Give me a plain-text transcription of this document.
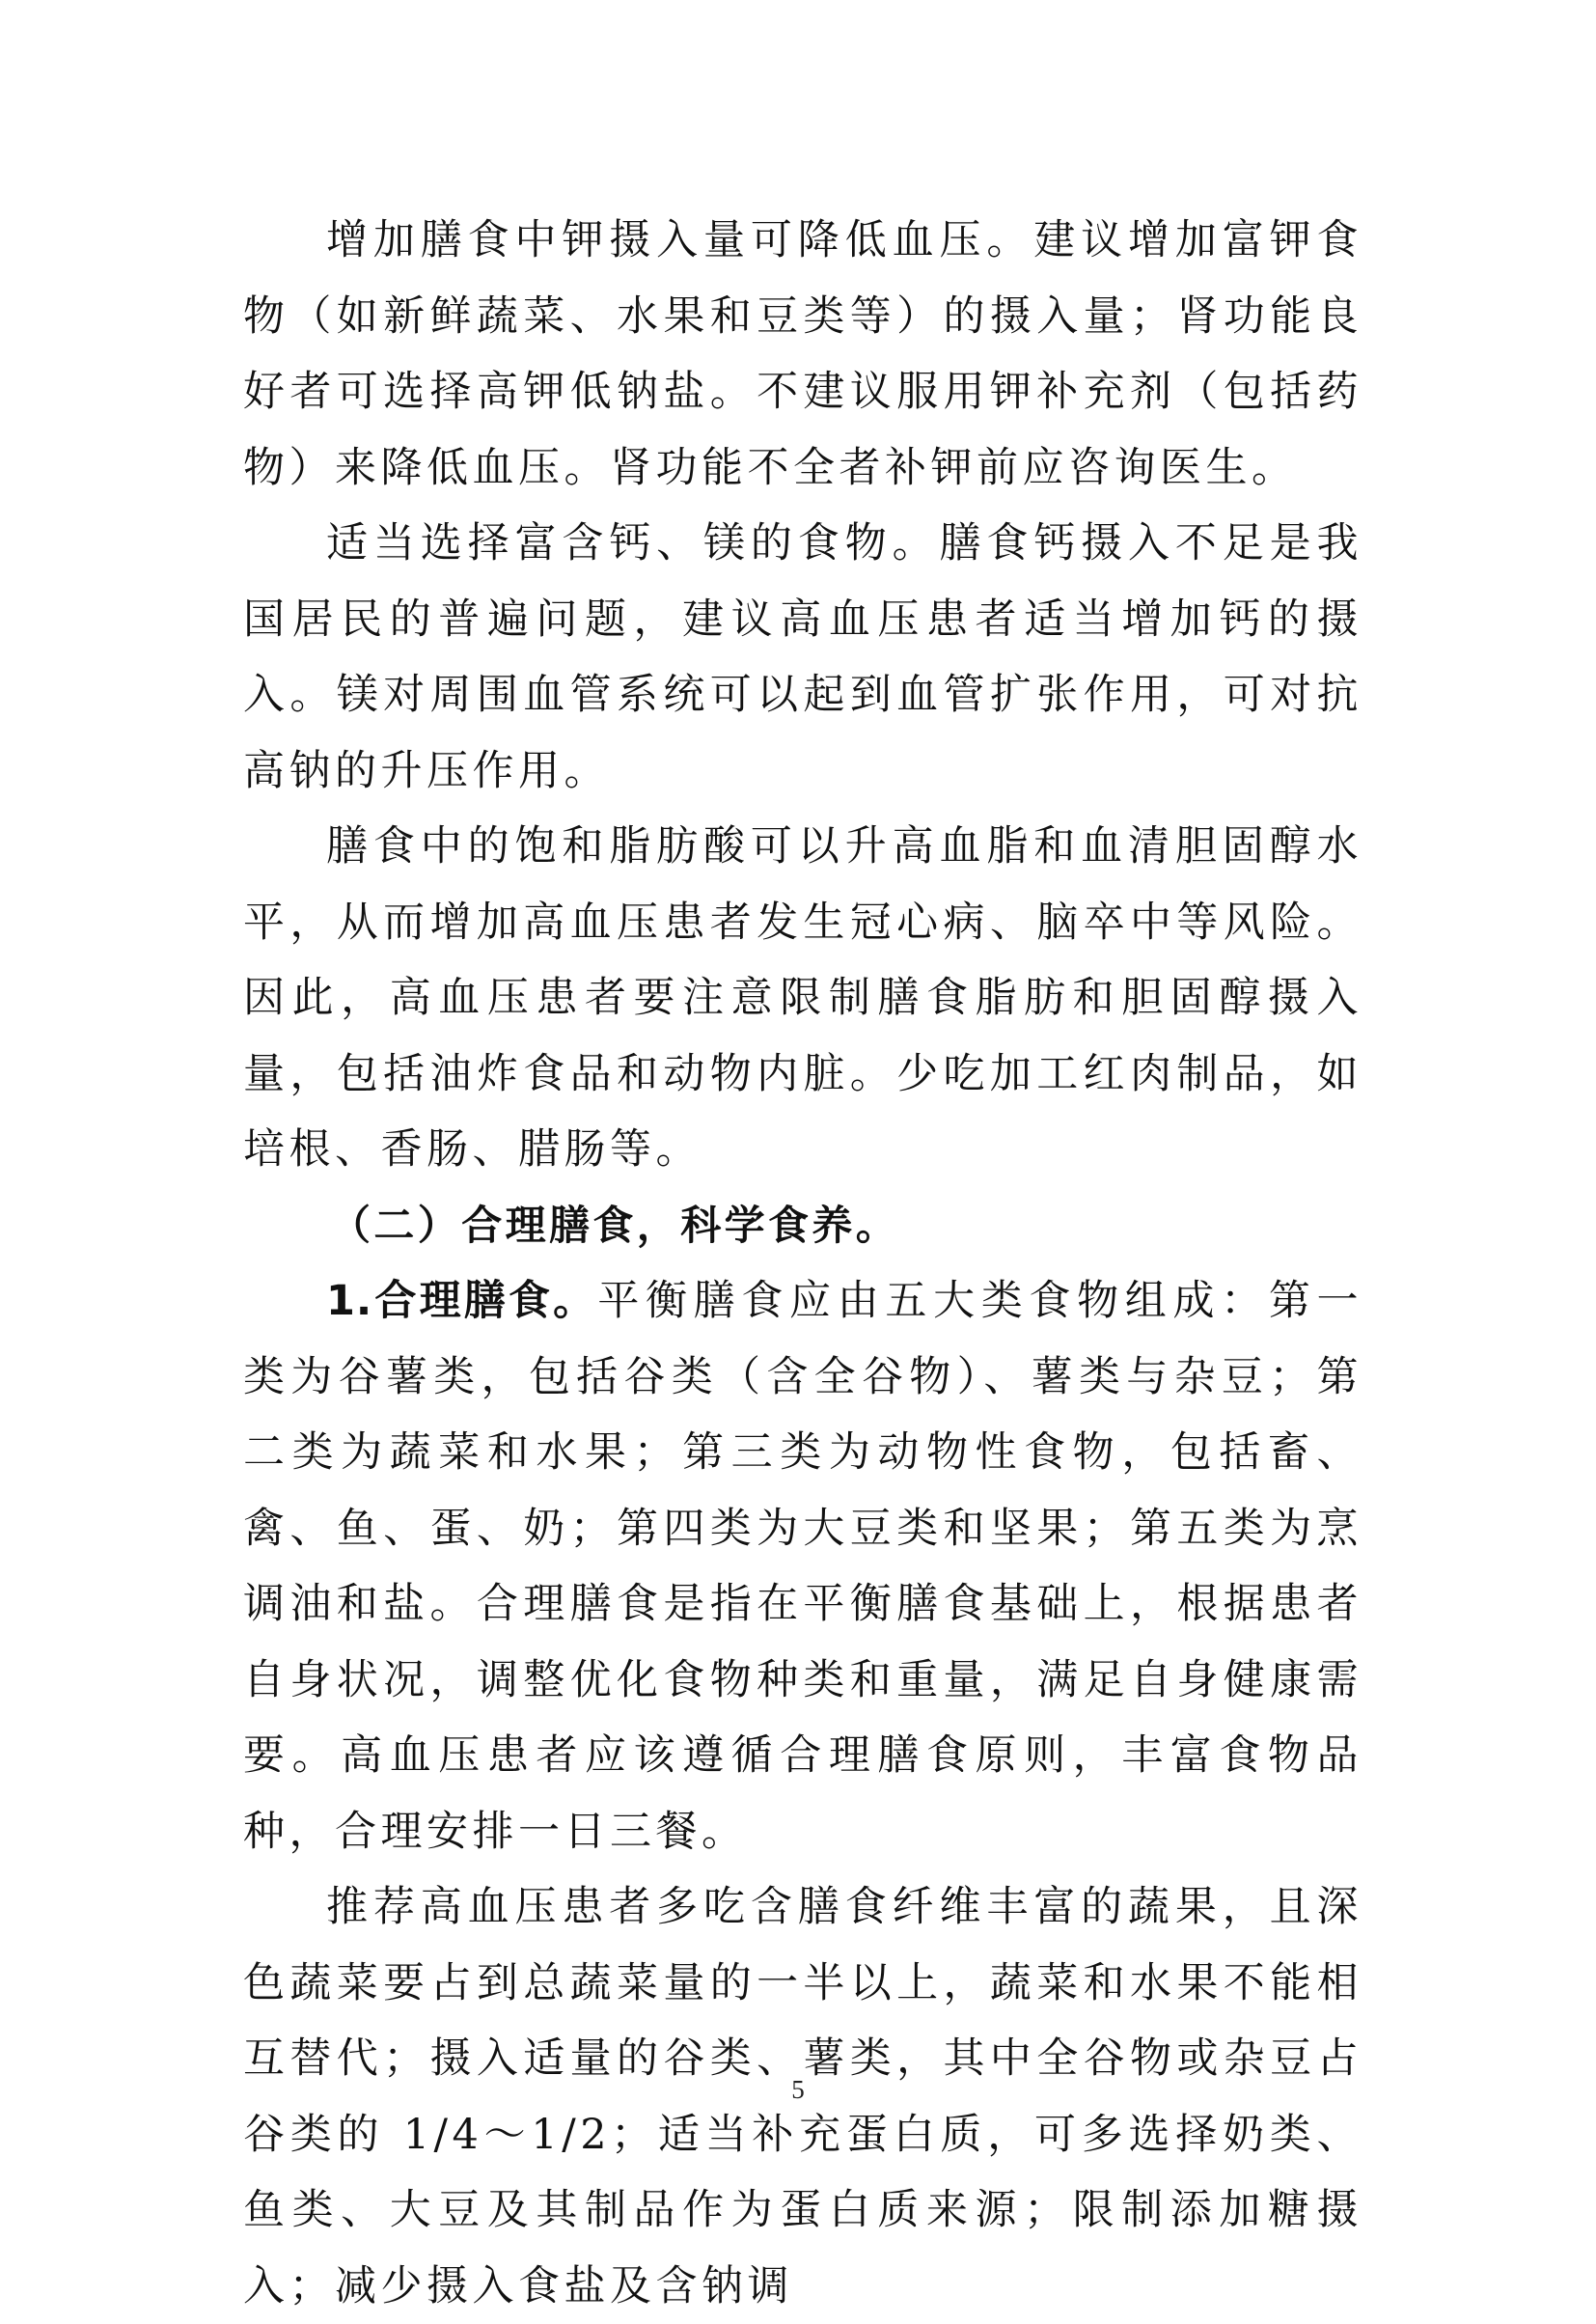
增加膳食中钾摄入量可降低血压。建议增加富钾食物（如新鲜蔬菜、水果和豆类等）的摄入量；肾功能良好者可选择高钾低钠盐。不建议服用钾补充剂（包括药物）来降低血压。肾功能不全者补钾前应咨询医生。

适当选择富含钙、镁的食物。膳食钙摄入不足是我国居民的普遍问题，建议高血压患者适当增加钙的摄入。镁对周围血管系统可以起到血管扩张作用，可对抗高钠的升压作用。

膳食中的饱和脂肪酸可以升高血脂和血清胆固醇水平，从而增加高血压患者发生冠心病、脑卒中等风险。因此，高血压患者要注意限制膳食脂肪和胆固醇摄入量，包括油炸食品和动物内脏。少吃加工红肉制品，如培根、香肠、腊肠等。

（二）合理膳食，科学食养。

1.合理膳食。平衡膳食应由五大类食物组成：第一类为谷薯类，包括谷类（含全谷物）、薯类与杂豆；第二类为蔬菜和水果；第三类为动物性食物，包括畜、禽、鱼、蛋、奶；第四类为大豆类和坚果；第五类为烹调油和盐。合理膳食是指在平衡膳食基础上，根据患者自身状况，调整优化食物种类和重量，满足自身健康需要。高血压患者应该遵循合理膳食原则，丰富食物品种，合理安排一日三餐。

推荐高血压患者多吃含膳食纤维丰富的蔬果，且深色蔬菜要占到总蔬菜量的一半以上，蔬菜和水果不能相互替代；摄入适量的谷类、薯类，其中全谷物或杂豆占谷类的 1/4～1/2；适当补充蛋白质，可多选择奶类、鱼类、大豆及其制品作为蛋白质来源；限制添加糖摄入；减少摄入食盐及含钠调

5
